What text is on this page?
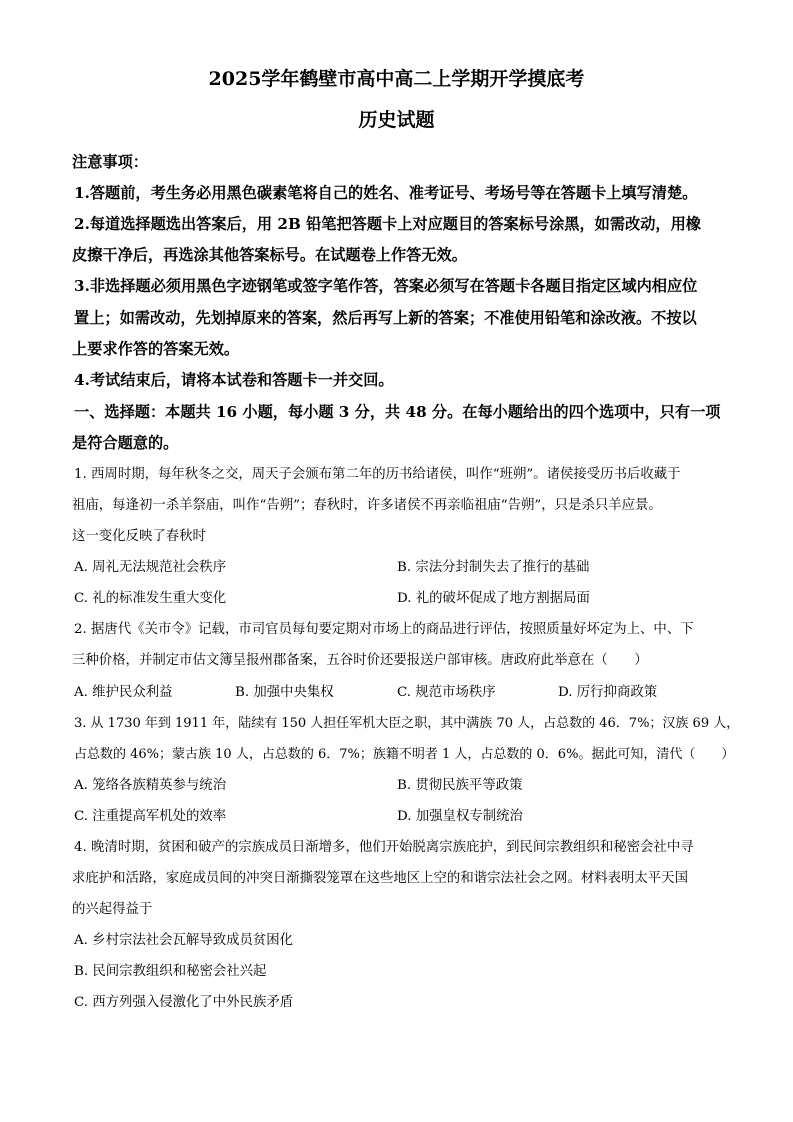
2025学年鹤壁市高中高二上学期开学摸底考
历史试题
注意事项：
1.答题前，考生务必用黑色碳素笔将自己的姓名、准考证号、考场号等在答题卡上填写清楚。
2.每道选择题选出答案后，用 2B 铅笔把答题卡上对应题目的答案标号涂黑，如需改动，用橡
皮擦干净后，再选涂其他答案标号。在试题卷上作答无效。
3.非选择题必须用黑色字迹钢笔或签字笔作答，答案必须写在答题卡各题目指定区域内相应位
置上；如需改动，先划掉原来的答案，然后再写上新的答案；不准使用铅笔和涂改液。不按以
上要求作答的答案无效。
4.考试结束后，请将本试卷和答题卡一并交回。
一、选择题：本题共 16 小题，每小题 3 分，共 48 分。在每小题给出的四个选项中，只有一项
是符合题意的。
1. 西周时期，每年秋冬之交，周天子会颁布第二年的历书给诸侯，叫作“班朔”。诸侯接受历书后收藏于
祖庙，每逢初一杀羊祭庙，叫作“告朔”；春秋时，许多诸侯不再亲临祖庙“告朔”，只是杀只羊应景。
这一变化反映了春秋时
A. 周礼无法规范社会秩序	B. 宗法分封制失去了推行的基础
C. 礼的标准发生重大变化	D. 礼的破坏促成了地方割据局面
2. 据唐代《关市令》记载，市司官员每旬要定期对市场上的商品进行评估，按照质量好坏定为上、中、下
三种价格，并制定市估文簿呈报州郡备案，五谷时价还要报送户部审核。唐政府此举意在（　　）
A. 维护民众利益	B. 加强中央集权	C. 规范市场秩序	D. 厉行抑商政策
3. 从 1730 年到 1911 年，陆续有 150 人担任军机大臣之职，其中满族 70 人，占总数的 46．7%；汉族 69 人，
占总数的 46%；蒙古族 10 人，占总数的 6．7%；族籍不明者 1 人，占总数的 0．6%。据此可知，清代（　　）
A. 笼络各族精英参与统治	B. 贯彻民族平等政策
C. 注重提高军机处的效率	D. 加强皇权专制统治
4. 晚清时期，贫困和破产的宗族成员日渐增多，他们开始脱离宗族庇护，到民间宗教组织和秘密会社中寻
求庇护和活路，家庭成员间的冲突日渐撕裂笼罩在这些地区上空的和谐宗法社会之网。材料表明太平天国
的兴起得益于
A. 乡村宗法社会瓦解导致成员贫困化
B. 民间宗教组织和秘密会社兴起
C. 西方列强入侵激化了中外民族矛盾
